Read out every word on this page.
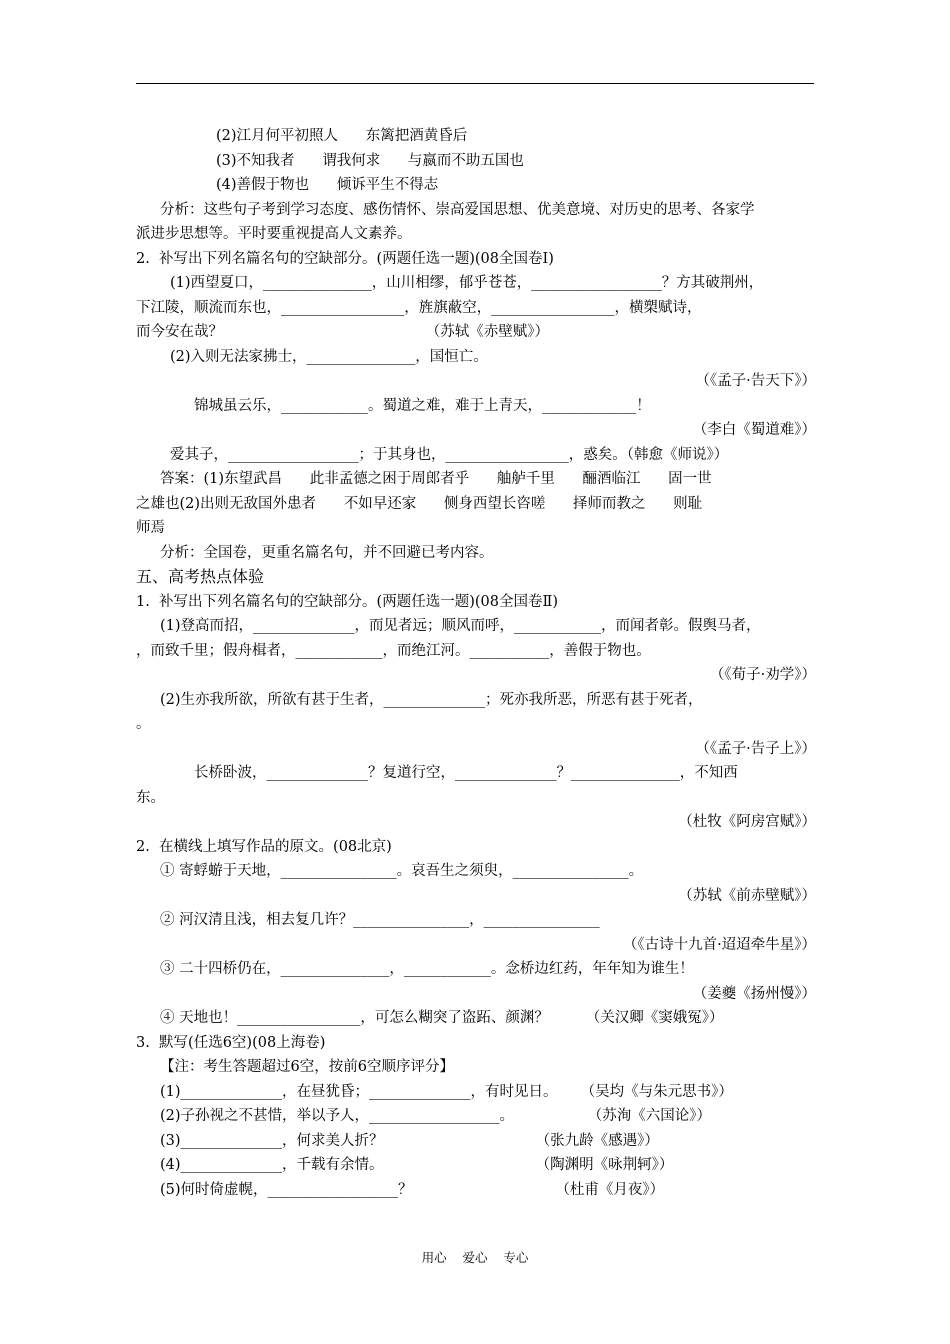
(2)江月何平初照人      东篱把酒黄昏后
(3)不知我者      谓我何求      与嬴而不助五国也
(4)善假于物也      倾诉平生不得志
分析：这些句子考到学习态度、感伤情怀、崇高爱国思想、优美意境、对历史的思考、各家学
派进步思想等。平时要重视提高人文素养。
2.  补写出下列名篇名句的空缺部分。(两题任选一题)(08全国卷Ⅰ)
(1)西望夏口，_______________，山川相缪，郁乎苍苍，__________________？方其破荆州，
下江陵，顺流而东也，_________________，旌旗蔽空，_________________，横槊赋诗，
而今安在哉？                                            （苏轼《赤壁赋》）
(2)入则无法家拂士，_______________，国恒亡。
（《孟子·告天下》）
锦城虽云乐，____________。蜀道之难，难于上青天，_____________！
（李白《蜀道难》）
爱其子，__________________；于其身也，_________________，惑矣。（韩愈《师说》）
答案：(1)东望武昌      此非孟德之困于周郎者乎      舳舻千里      酾酒临江      固一世
之雄也(2)出则无敌国外患者      不如早还家      侧身西望长咨嗟      择师而教之      则耻
师焉
分析：全国卷，更重名篇名句，并不回避已考内容。
五、高考热点体验
1.  补写出下列名篇名句的空缺部分。(两题任选一题)(08全国卷Ⅱ)
(1)登高而招，______________，而见者远；顺风而呼，____________，而闻者彰。假舆马者，
，而致千里；假舟楫者，____________，而绝江河。___________，善假于物也。
（《荀子·劝学》）
(2)生亦我所欲，所欲有甚于生者，______________；死亦我所恶，所恶有甚于死者，
。
（《孟子·告子上》）
长桥卧波，______________？复道行空，______________？_______________，不知西
东。
（杜牧《阿房宫赋》）
2.  在横线上填写作品的原文。(08北京)
① 寄蜉蝣于天地，________________。哀吾生之须臾，________________。
（苏轼《前赤壁赋》）
② 河汉清且浅，相去复几许？________________，________________
（《古诗十九首·迢迢牵牛星》）
③ 二十四桥仍在，_______________，____________。念桥边红药，年年知为谁生！
（姜夔《扬州慢》）
④ 天地也！_________________，可怎么糊突了盗跖、颜渊？        （关汉卿《窦娥冤》）
3.  默写(任选6空)(08上海卷)
【注：考生答题超过6空，按前6空顺序评分】
(1)______________，在昼犹昏；______________，有时见日。     （吴均《与朱元思书》）
(2)子孙视之不甚惜，举以予人，__________________。                （苏洵《六国论》）
(3)______________，何求美人折？                                 （张九龄《感遇》）
(4)______________，千载有余情。                                 （陶渊明《咏荆轲》）
(5)何时倚虚幌，__________________？                               （杜甫《月夜》）
用心    爱心    专心
